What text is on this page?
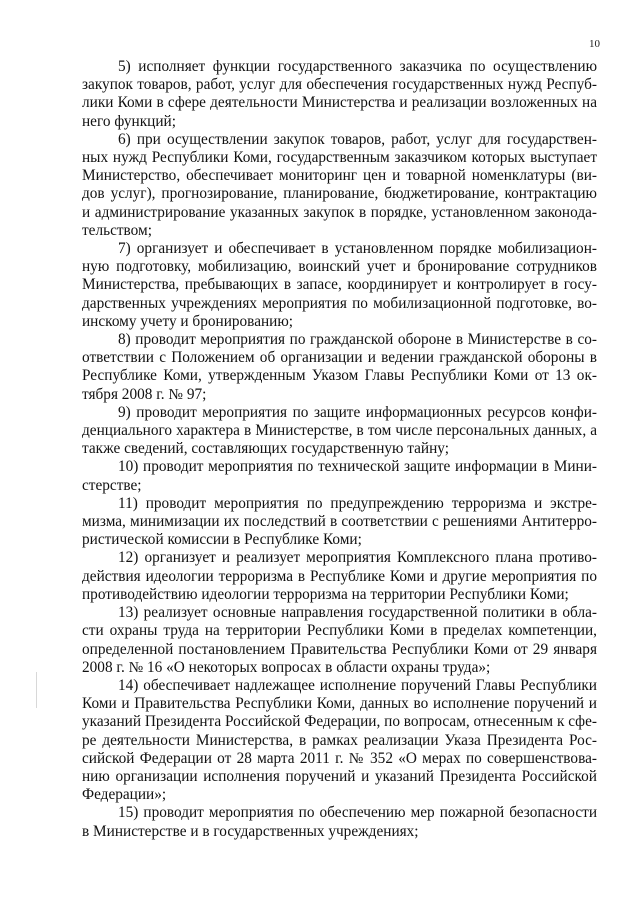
10

5) исполняет функции государственного заказчика по осуществлению закупок товаров, работ, услуг для обеспечения государственных нужд Республики Коми в сфере деятельности Министерства и реализации возложенных на него функций;

6) при осуществлении закупок товаров, работ, услуг для государственных нужд Республики Коми, государственным заказчиком которых выступает Министерство, обеспечивает мониторинг цен и товарной номенклатуры (видов услуг), прогнозирование, планирование, бюджетирование, контрактацию и администрирование указанных закупок в порядке, установленном законодательством;

7) организует и обеспечивает в установленном порядке мобилизационную подготовку, мобилизацию, воинский учет и бронирование сотрудников Министерства, пребывающих в запасе, координирует и контролирует в государственных учреждениях мероприятия по мобилизационной подготовке, воинскому учету и бронированию;

8) проводит мероприятия по гражданской обороне в Министерстве в соответствии с Положением об организации и ведении гражданской обороны в Республике Коми, утвержденным Указом Главы Республики Коми от 13 октября 2008 г. № 97;

9) проводит мероприятия по защите информационных ресурсов конфиденциального характера в Министерстве, в том числе персональных данных, а также сведений, составляющих государственную тайну;

10) проводит мероприятия по технической защите информации в Министерстве;

11) проводит мероприятия по предупреждению терроризма и экстремизма, минимизации их последствий в соответствии с решениями Антитеррористической комиссии в Республике Коми;

12) организует и реализует мероприятия Комплексного плана противодействия идеологии терроризма в Республике Коми и другие мероприятия по противодействию идеологии терроризма на территории Республики Коми;

13) реализует основные направления государственной политики в области охраны труда на территории Республики Коми в пределах компетенции, определенной постановлением Правительства Республики Коми от 29 января 2008 г. № 16 «О некоторых вопросах в области охраны труда»;

14) обеспечивает надлежащее исполнение поручений Главы Республики Коми и Правительства Республики Коми, данных во исполнение поручений и указаний Президента Российской Федерации, по вопросам, отнесенным к сфере деятельности Министерства, в рамках реализации Указа Президента Российской Федерации от 28 марта 2011 г. № 352 «О мерах по совершенствованию организации исполнения поручений и указаний Президента Российской Федерации»;

15) проводит мероприятия по обеспечению мер пожарной безопасности в Министерстве и в государственных учреждениях;
